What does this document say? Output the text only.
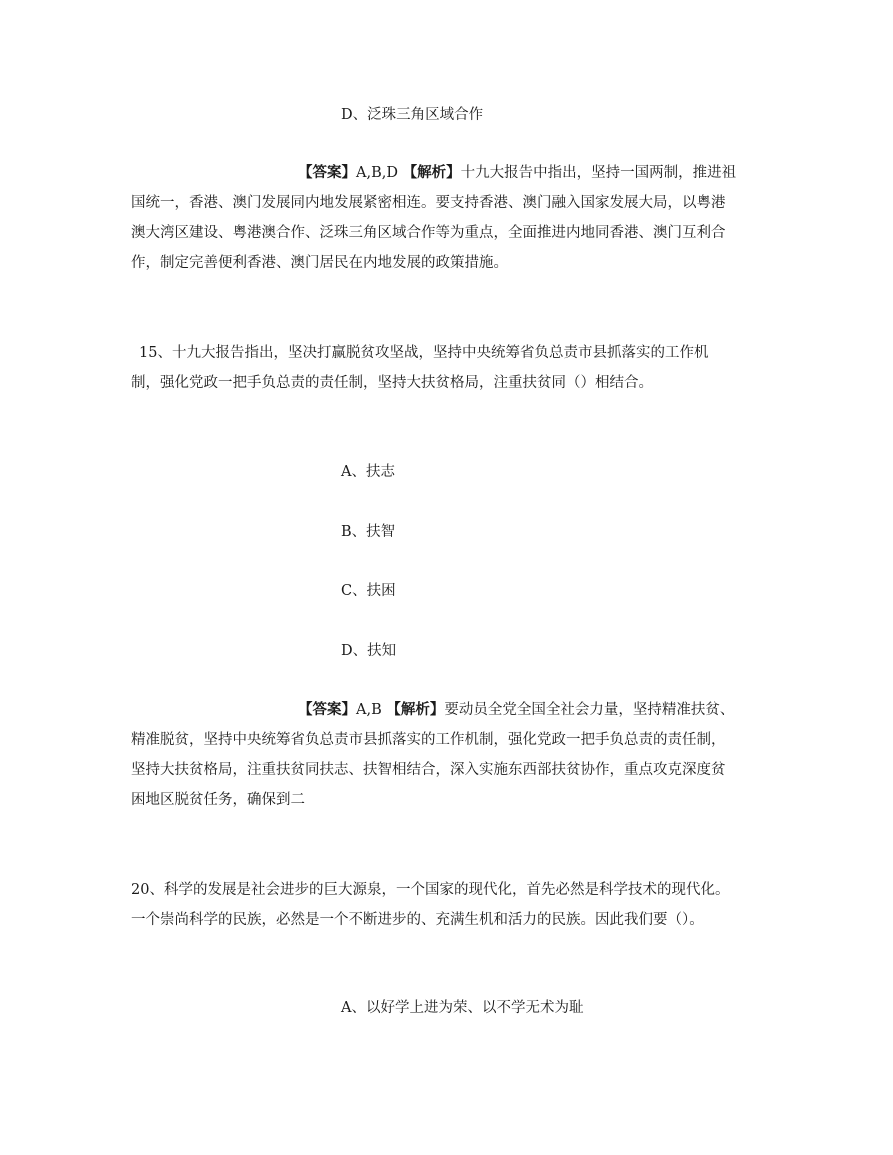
D、泛珠三角区域合作
【答案】A,B,D 【解析】十九大报告中指出，坚持一国两制，推进祖
国统一，香港、澳门发展同内地发展紧密相连。要支持香港、澳门融入国家发展大局，以粤港
澳大湾区建设、粤港澳合作、泛珠三角区域合作等为重点，全面推进内地同香港、澳门互利合
作，制定完善便利香港、澳门居民在内地发展的政策措施。
15、十九大报告指出，坚决打赢脱贫攻坚战，坚持中央统筹省负总责市县抓落实的工作机
制，强化党政一把手负总责的责任制，坚持大扶贫格局，注重扶贫同（）相结合。
A、扶志
B、扶智
C、扶困
D、扶知
【答案】A,B 【解析】要动员全党全国全社会力量，坚持精准扶贫、
精准脱贫，坚持中央统筹省负总责市县抓落实的工作机制，强化党政一把手负总责的责任制，
坚持大扶贫格局，注重扶贫同扶志、扶智相结合，深入实施东西部扶贫协作，重点攻克深度贫
困地区脱贫任务，确保到二
20、科学的发展是社会进步的巨大源泉，一个国家的现代化，首先必然是科学技术的现代化。
一个崇尚科学的民族，必然是一个不断进步的、充满生机和活力的民族。因此我们要（）。
A、以好学上进为荣、以不学无术为耻
